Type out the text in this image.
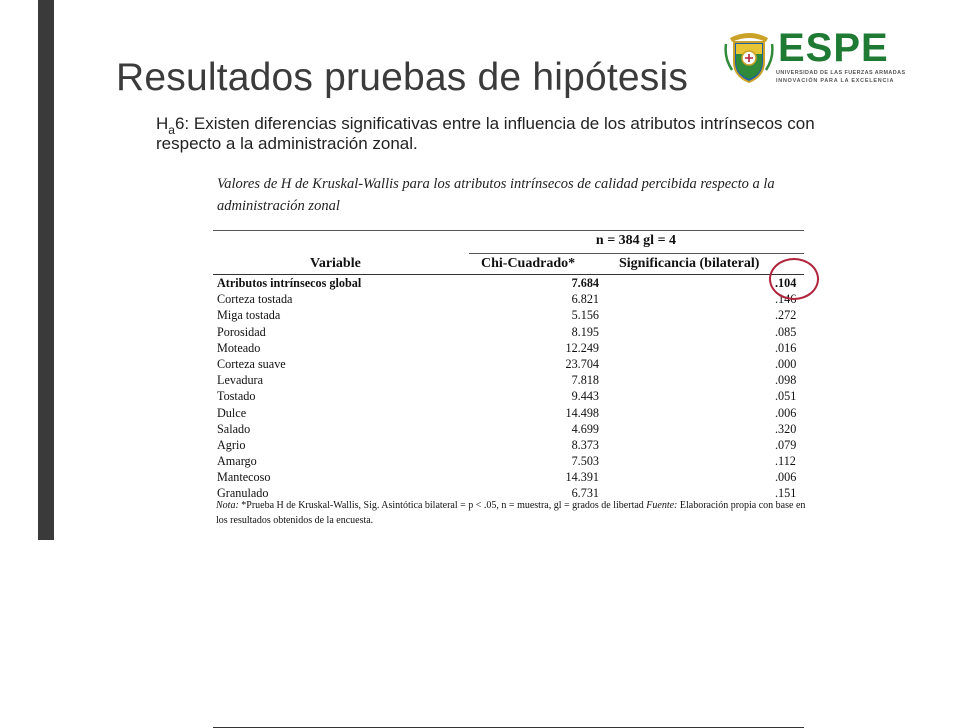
Resultados pruebas de hipótesis
ESPE
UNIVERSIDAD DE LAS FUERZAS ARMADAS
INNOVACIÓN PARA LA EXCELENCIA
$H_a6$: Existen diferencias significativas entre la influencia de los atributos intrínsecos con respecto a la administración zonal.
Valores de H de Kruskal-Wallis para los atributos intrínsecos de calidad percibida respecto a la administración zonal
n = 384 gl = 4
Variable	Chi-Cuadrado*	Significancia (bilateral)
Atributos intrínsecos global	7.684	.104
Corteza tostada	6.821	.146
Miga tostada	5.156	.272
Porosidad	8.195	.085
Moteado	12.249	.016
Corteza suave	23.704	.000
Levadura	7.818	.098
Tostado	9.443	.051
Dulce	14.498	.006
Salado	4.699	.320
Agrio	8.373	.079
Amargo	7.503	.112
Mantecoso	14.391	.006
Granulado	6.731	.151
Nota: *Prueba H de Kruskal-Wallis, Sig. Asintótica bilateral = p < .05, n = muestra, gl = grados de libertad Fuente: Elaboración propia con base en los resultados obtenidos de la encuesta.
